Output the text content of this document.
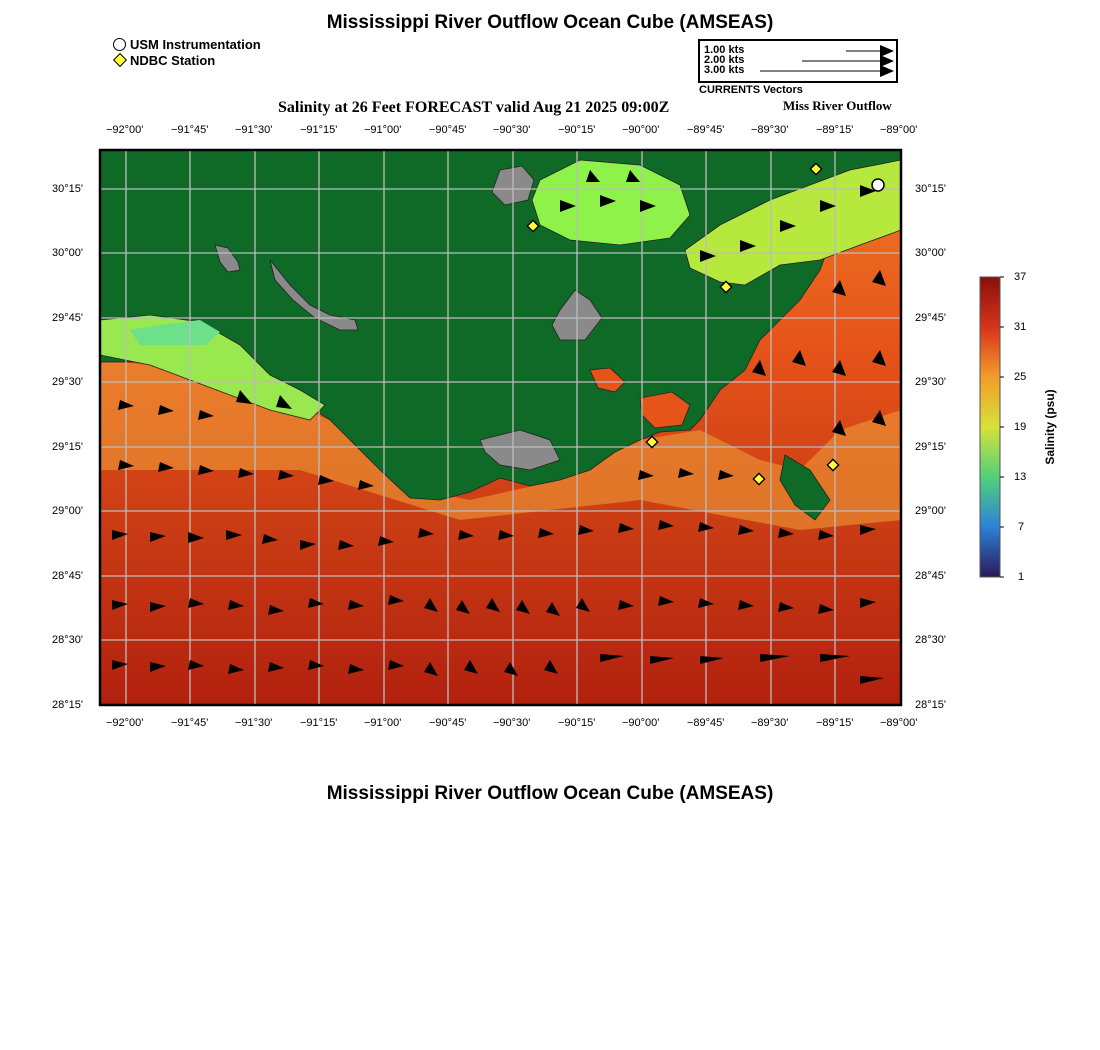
Mississippi River Outflow Ocean Cube (AMSEAS)
Mississippi River Outflow Ocean Cube (AMSEAS)
USM Instrumentation
NDBC Station
1.00 kts
2.00 kts
3.00 kts
CURRENTS Vectors
Salinity at 26 Feet FORECAST valid Aug 21 2025 09:00Z	Miss River Outflow
−92°00'	−91°45' −91°30'	−91°15' −91°00'	−90°45' −90°30'	−90°15' −90°00'	−89°45' −89°30'	−89°15' −89°00'
−92°00'	−91°45' −91°30'	−91°15' −91°00'	−90°45' −90°30'	−90°15' −90°00'	−89°45' −89°30'	−89°15' −89°00'
30°15'
30°00'
29°45'
29°30'
29°15'
29°00'
28°45'
28°30'
28°15'
30°15'
30°00'
29°45'
29°30'
29°15'
29°00'
28°45'
28°30'
28°15'
37
31
25
19
13
7
1
Salinity (psu)
